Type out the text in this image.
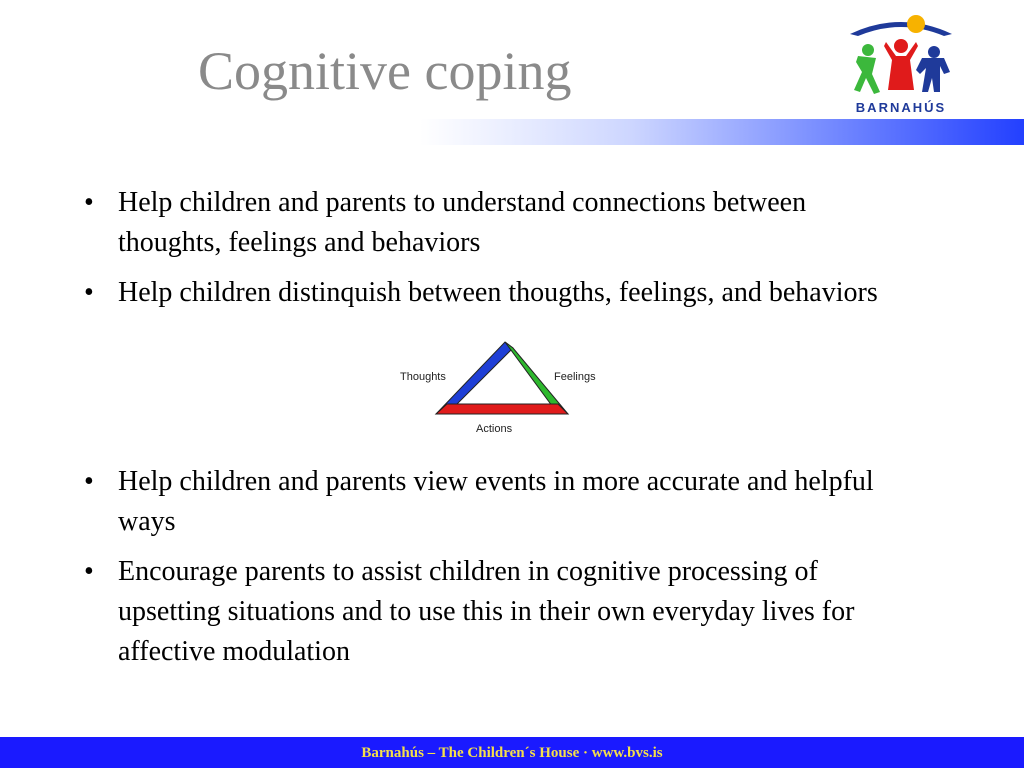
Cognitive coping
BARNAHÚS
• Help children and parents to understand connections between thoughts, feelings and behaviors
• Help children distinquish between thougths, feelings, and behaviors
Thoughts	Feelings
Actions
• Help children and parents view events in more accurate and helpful ways
• Encourage parents to assist children in cognitive processing of upsetting situations and to use this in their own everyday lives for affective modulation
Barnahús – The Children´s House · www.bvs.is
